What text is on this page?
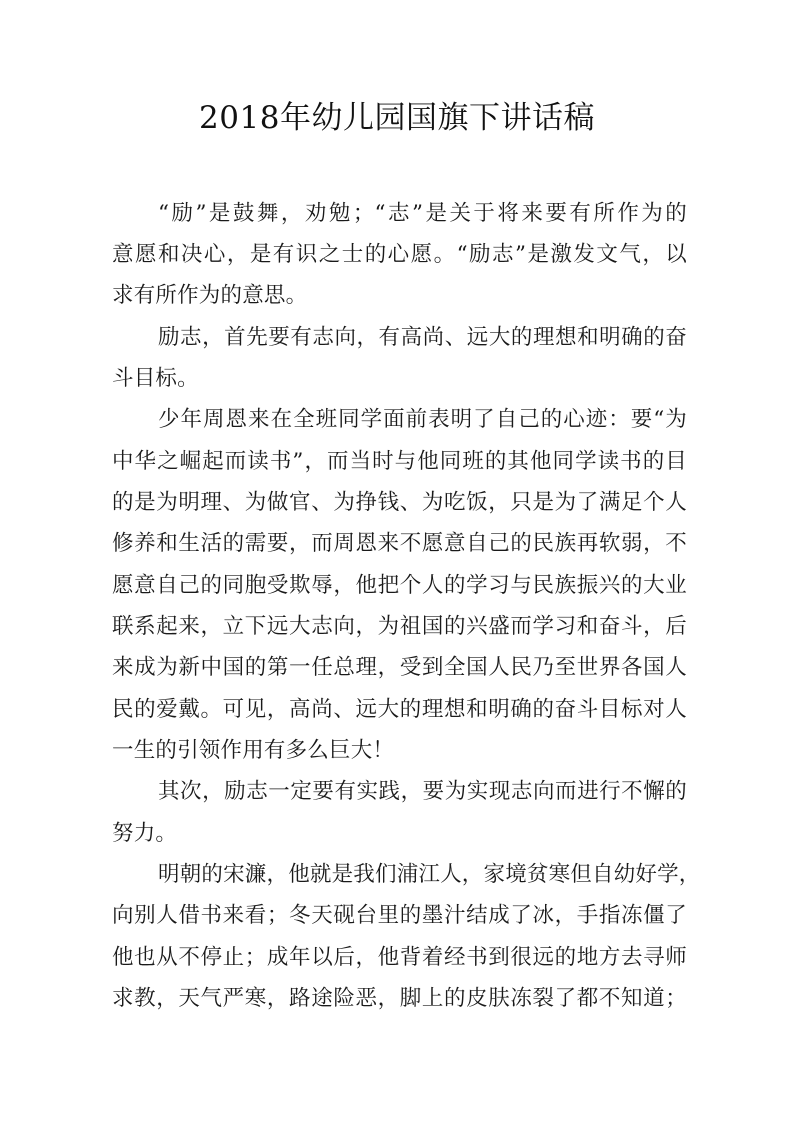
2018年幼儿园国旗下讲话稿
“励”是鼓舞，劝勉；“志”是关于将来要有所作为的
意愿和决心，是有识之士的心愿。“励志”是激发文气，以
求有所作为的意思。
励志，首先要有志向，有高尚、远大的理想和明确的奋
斗目标。
少年周恩来在全班同学面前表明了自己的心迹：要“为
中华之崛起而读书”，而当时与他同班的其他同学读书的目
的是为明理、为做官、为挣钱、为吃饭，只是为了满足个人
修养和生活的需要，而周恩来不愿意自己的民族再软弱，不
愿意自己的同胞受欺辱，他把个人的学习与民族振兴的大业
联系起来，立下远大志向，为祖国的兴盛而学习和奋斗，后
来成为新中国的第一任总理，受到全国人民乃至世界各国人
民的爱戴。可见，高尚、远大的理想和明确的奋斗目标对人
一生的引领作用有多么巨大！
其次，励志一定要有实践，要为实现志向而进行不懈的
努力。
明朝的宋濂，他就是我们浦江人，家境贫寒但自幼好学，
向别人借书来看；冬天砚台里的墨汁结成了冰，手指冻僵了
他也从不停止；成年以后，他背着经书到很远的地方去寻师
求教，天气严寒，路途险恶，脚上的皮肤冻裂了都不知道；
